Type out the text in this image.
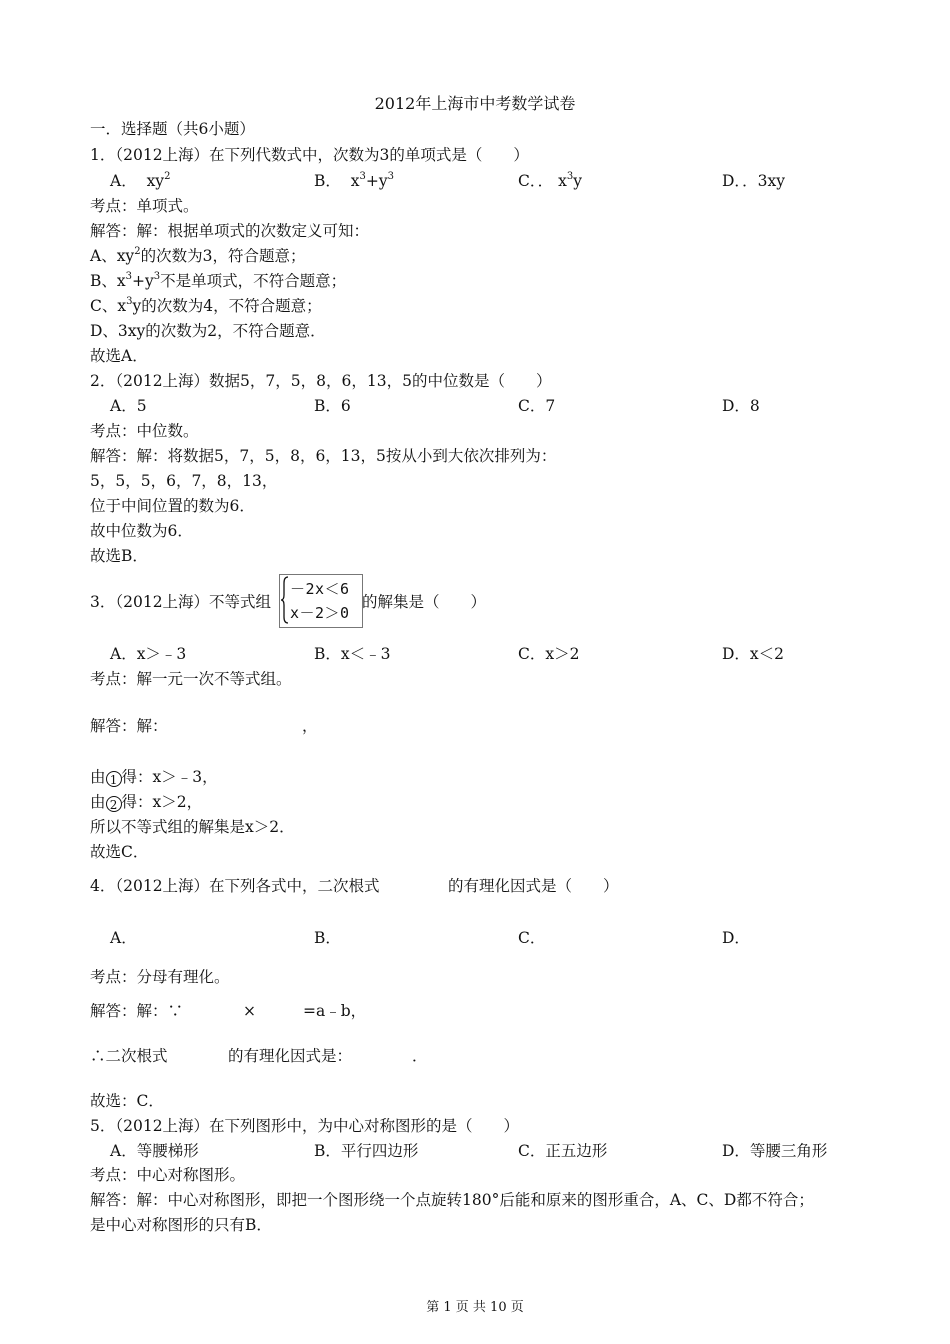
2012年上海市中考数学试卷
一．选择题（共6小题）
1．（2012上海）在下列代数式中，次数为3的单项式是（　　）
A． $xy^2$	B． $x^3+y^3$	C．． $x^3y$	D．．3xy
考点：单项式。
解答：解：根据单项式的次数定义可知：
A、$xy^2$的次数为3，符合题意；
B、$x^3+y^3$不是单项式，不符合题意；
C、$x^3y$的次数为4，不符合题意；
D、3xy的次数为2，不符合题意．
故选A．
2．（2012上海）数据5，7，5，8，6，13，5的中位数是（　　）
A．5	B．6	C．7	D．8
考点：中位数。
解答：解：将数据5，7，5，8，6，13，5按从小到大依次排列为：
5，5，5，6，7，8，13，
位于中间位置的数为6．
故中位数为6．
故选B．
3．（2012上海）不等式组
－2x＜6
x－2＞0
的解集是（　　）
A．x＞﹣3	B．x＜﹣3	C．x＞2	D．x＜2
考点：解一元一次不等式组。
解答：解：	，
由 1 得：x＞﹣3，
由 2 得：x＞2，
所以不等式组的解集是x＞2．
故选C．
4．（2012上海）在下列各式中，二次根式	的有理化因式是（　　）
A．	B．	C．	D．
考点：分母有理化。
解答：解：∵	×	=a﹣b，
∴二次根式	的有理化因式是：	．
故选：C．
5．（2012上海）在下列图形中，为中心对称图形的是（　　）
A．等腰梯形	B．平行四边形	C．正五边形	D．等腰三角形
考点：中心对称图形。
解答：解：中心对称图形，即把一个图形绕一个点旋转180°后能和原来的图形重合，A、C、D都不符合；
是中心对称图形的只有B．
第 1 页 共 10 页
